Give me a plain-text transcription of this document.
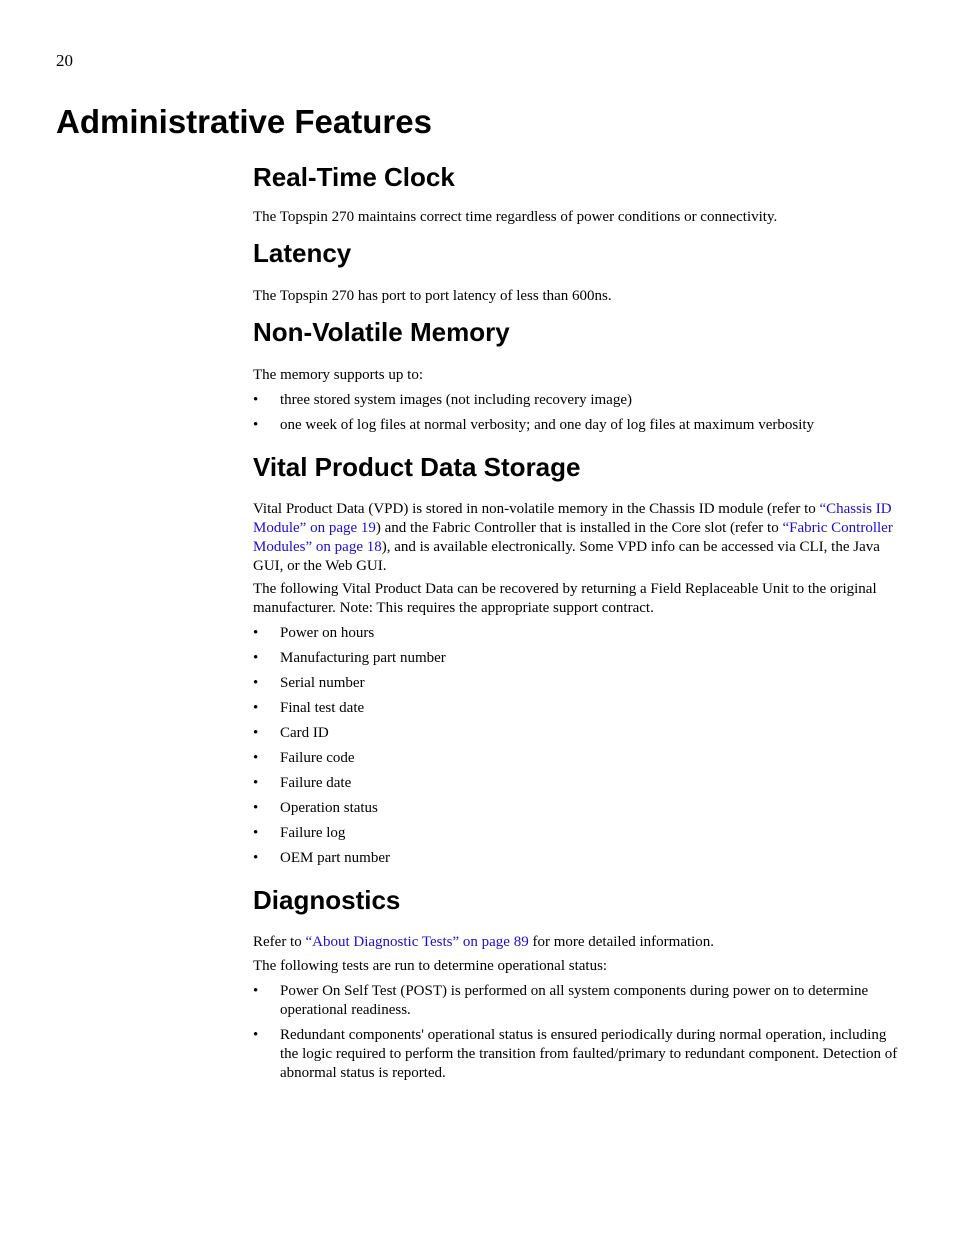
20
Administrative Features
Real-Time Clock

The Topspin 270 maintains correct time regardless of power conditions or connectivity.

Latency

The Topspin 270 has port to port latency of less than 600ns.

Non-Volatile Memory

The memory supports up to:

• three stored system images (not including recovery image)
• one week of log files at normal verbosity; and one day of log files at maximum verbosity
Vital Product Data Storage

Vital Product Data (VPD) is stored in non-volatile memory in the Chassis ID module (refer to “Chassis ID Module” on page 19) and the Fabric Controller that is installed in the Core slot (refer to “Fabric Controller Modules” on page 18), and is available electronically. Some VPD info can be accessed via CLI, the Java GUI, or the Web GUI.

The following Vital Product Data can be recovered by returning a Field Replaceable Unit to the original manufacturer. Note: This requires the appropriate support contract.

• Power on hours
• Manufacturing part number
• Serial number
• Final test date
• Card ID
• Failure code
• Failure date
• Operation status
• Failure log
• OEM part number
Diagnostics

Refer to “About Diagnostic Tests” on page 89 for more detailed information.

The following tests are run to determine operational status:

• Power On Self Test (POST) is performed on all system components during power on to determine operational readiness.
• Redundant components' operational status is ensured periodically during normal operation, including the logic required to perform the transition from faulted/primary to redundant component. Detection of abnormal status is reported.
